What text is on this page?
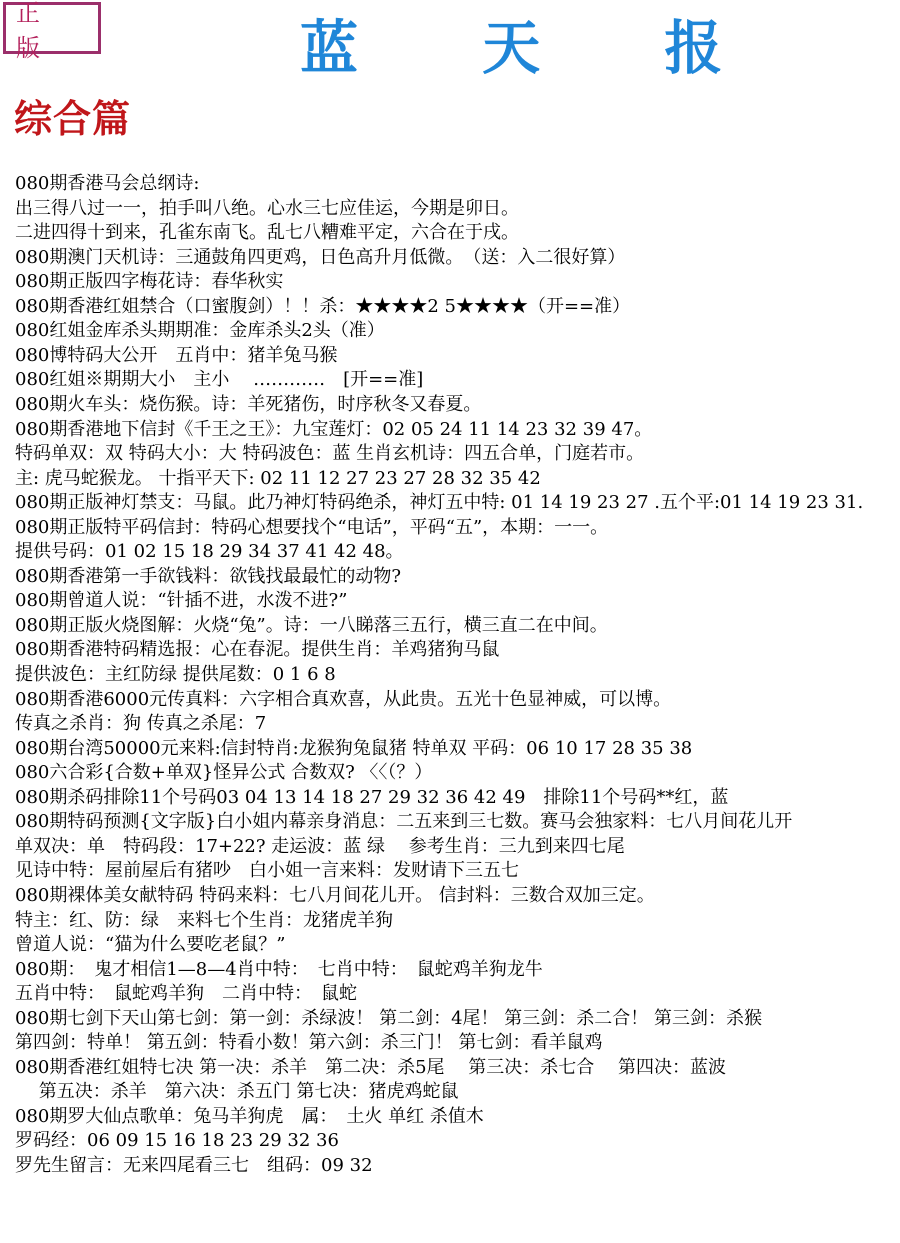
正 版	蓝 天 报
综合篇
080期香港马会总纲诗:
出三得八过一一，拍手叫八绝。心水三七应佳运，今期是卯日。
二进四得十到来，孔雀东南飞。乱七八糟难平定，六合在于戌。
080期澳门天机诗：三通鼓角四更鸡，日色高升月低微。　（送：入二很好算）
080期正版四字梅花诗：春华秋实
080期香港红姐禁合（口蜜腹剑）！！杀：★★★★2 5★★★★（开==准）
080红姐金库杀头期期准：金库杀头2头（准）
080博特码大公开　五肖中：猪羊兔马猴
080红姐※期期大小　主小　 …………　[开==准]
080期火车头：烧伤猴。诗：羊死猪伤，时序秋冬又春夏。
080期香港地下信封《千王之王》：九宝莲灯：02 05 24 11 14 23 32 39 47。
特码单双：双 特码大小：大 特码波色：蓝 生肖玄机诗：四五合单，门庭若市。
主: 虎马蛇猴龙。 十指平天下: 02 11 12 27 23 27 28 32 35 42
080期正版神灯禁支：马鼠。此乃神灯特码绝杀，神灯五中特: 01 14 19 23 27 .五个平:01 14 19 23 31.
080期正版特平码信封：特码心想要找个“电话”，平码“五”，本期：一一。
提供号码：01 02 15 18 29 34 37 41 42 48。
080期香港第一手欲钱料：欲钱找最最忙的动物?
080期曾道人说：“针插不进，水泼不进?”
080期正版火烧图解：火烧“兔”。诗：一八睇落三五行，横三直二在中间。
080期香港特码精选报：心在春泥。提供生肖：羊鸡猪狗马鼠
提供波色：主红防绿 提供尾数：0 1 6 8
080期香港6000元传真料：六字相合真欢喜，从此贵。五光十色显神威，可以博。
传真之杀肖：狗 传真之杀尾：7
080期台湾50000元来料:信封特肖:龙猴狗兔鼠猪 特单双 平码：06 10 17 28 35 38
080六合彩{合数+单双}怪异公式 合数双? 〈〈（？）
080期杀码排除11个号码03 04 13 14 18 27 29 32 36 42 49　排除11个号码**红，蓝
080期特码预测{文字版}白小姐内幕亲身消息：二五来到三七数。赛马会独家料：七八月间花儿开
单双决：单　特码段：17+22? 走运波：蓝 绿　 参考生肖：三九到来四七尾
见诗中特：屋前屋后有猪吵　白小姐一言来料：发财请下三五七
080期裸体美女献特码 特码来料：七八月间花儿开。 信封料：三数合双加三定。
特主：红、防：绿　来料七个生肖：龙猪虎羊狗
曾道人说：“猫为什么要吃老鼠？”
080期：　鬼才相信1—8—4肖中特：　七肖中特：　鼠蛇鸡羊狗龙牛
五肖中特：　鼠蛇鸡羊狗　二肖中特：　鼠蛇
080期七剑下天山第七剑：第一剑：杀绿波！ 第二剑：4尾！ 第三剑：杀二合！ 第三剑：杀猴
第四剑：特单！ 第五剑：特看小数！第六剑：杀三门！ 第七剑：看羊鼠鸡
080期香港红姐特七决 第一决：杀羊　第二决：杀5尾　 第三决：杀七合　 第四决：蓝波
　 第五决：杀羊　第六决：杀五门 第七决：猪虎鸡蛇鼠
080期罗大仙点歌单：兔马羊狗虎　属：　土火 单红 杀值木
罗码经：06 09 15 16 18 23 29 32 36
罗先生留言：无来四尾看三七　组码：09 32
